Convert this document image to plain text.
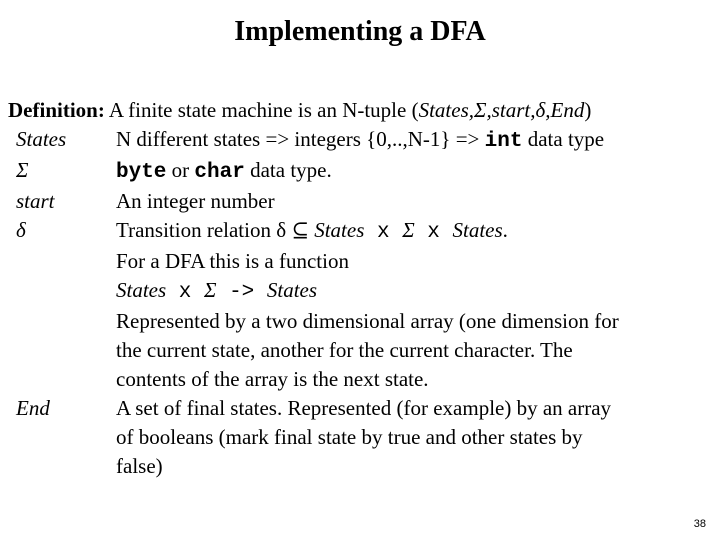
Implementing a DFA
Definition: A finite state machine is an N-tuple (States,Σ,start,δ,End)
States	N different states => integers {0,..,N-1} => int data type
Σ	byte or char data type.
start	An integer number
δ	Transition relation δ ⊆ States x Σ x States.
For a DFA this is a function
States x Σ -> States
Represented by a two dimensional array (one dimension for
the current state, another for the current character. The
contents of the array is the next state.
End	A set of final states. Represented (for example) by an array
of booleans (mark final state by true and other states by
false)
38
